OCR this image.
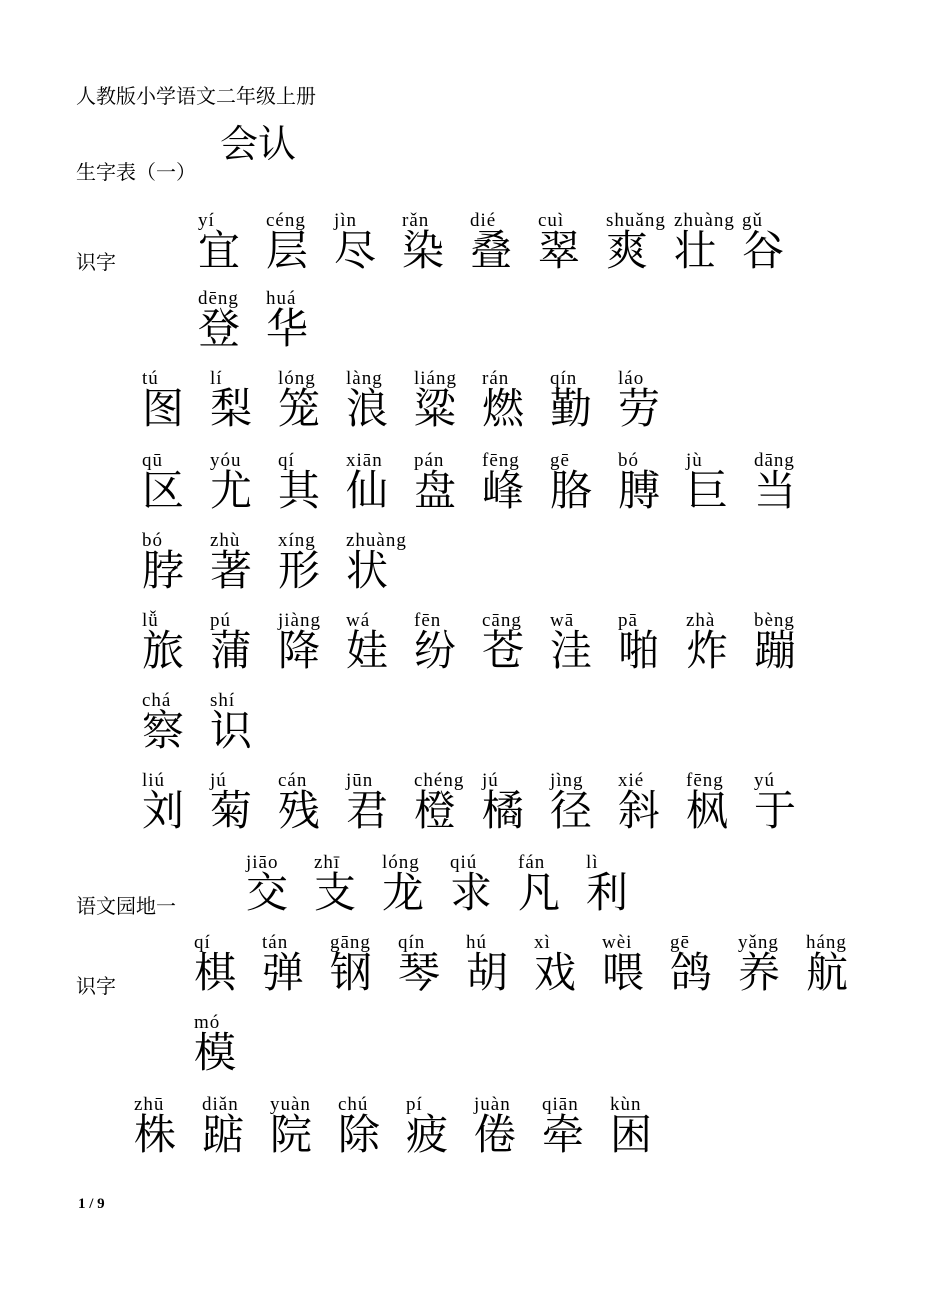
人教版小学语文二年级上册
会认
生字表（一）
识字
语文园地一
识字
yí
宜
céng
层
jìn
尽
rǎn
染
dié
叠
cuì
翠
shuǎng
爽
zhuàng
壮
gǔ
谷
dēng
登
huá
华
tú
图
lí
梨
lóng
笼
làng
浪
liáng
粱
rán
燃
qín
勤
láo
劳
qū
区
yóu
尤
qí
其
xiān
仙
pán
盘
fēng
峰
gē
胳
bó
膊
jù
巨
dāng
当
bó
脖
zhù
著
xíng
形
zhuàng
状
lǚ
旅
pú
蒲
jiàng
降
wá
娃
fēn
纷
cāng
苍
wā
洼
pā
啪
zhà
炸
bèng
蹦
chá
察
shí
识
liú
刘
jú
菊
cán
残
jūn
君
chéng
橙
jú
橘
jìng
径
xié
斜
fēng
枫
yú
于
jiāo
交
zhī
支
lóng
龙
qiú
求
fán
凡
lì
利
qí
棋
tán
弹
gāng
钢
qín
琴
hú
胡
xì
戏
wèi
喂
gē
鸽
yǎng
养
háng
航
mó
模
zhū
株
diǎn
踮
yuàn
院
chú
除
pí
疲
juàn
倦
qiān
牵
kùn
困
1 / 9
